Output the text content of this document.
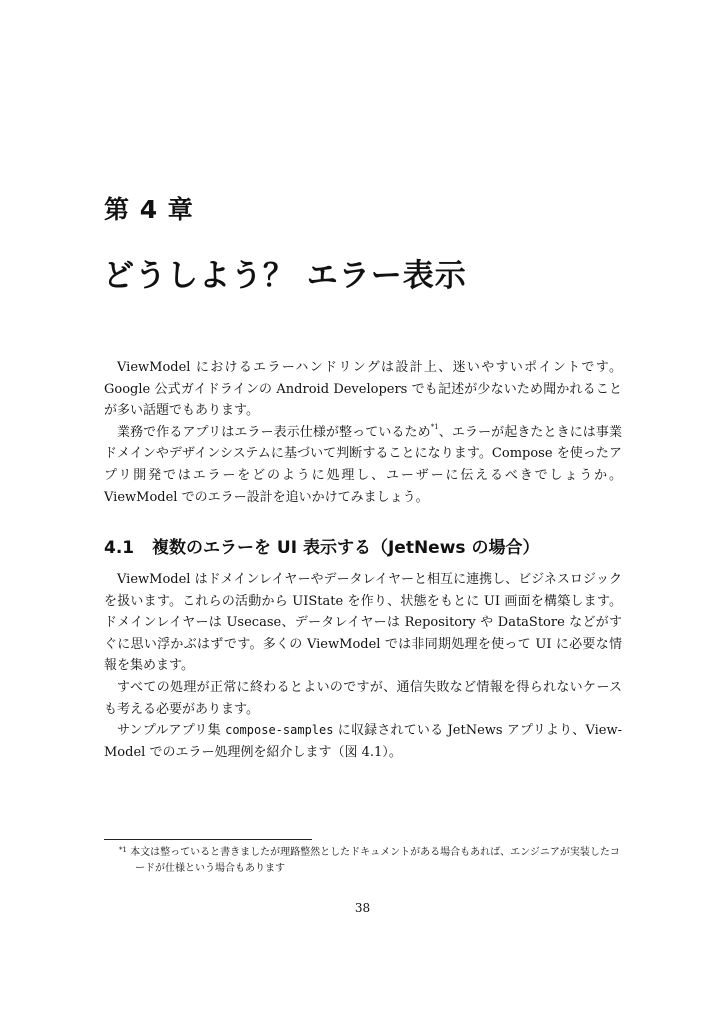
第 4 章
どうしよう？ エラー表示

ViewModel におけるエラーハンドリングは設計上、迷いやすいポイントです。Google 公式ガイドラインの Android Developers でも記述が少ないため聞かれることが多い話題でもあります。

業務で作るアプリはエラー表示仕様が整っているため$^{*1}$、エラーが起きたときには事業ドメインやデザインシステムに基づいて判断することになります。Compose を使ったアプリ開発ではエラーをどのように処理し、ユーザーに伝えるべきでしょうか。ViewModel でのエラー設計を追いかけてみましょう。

4.1 複数のエラーを UI 表示する（JetNews の場合）

ViewModel はドメインレイヤーやデータレイヤーと相互に連携し、ビジネスロジックを扱います。これらの活動から UIState を作り、状態をもとに UI 画面を構築します。ドメインレイヤーは Usecase、データレイヤーは Repository や DataStore などがすぐに思い浮かぶはずです。多くの ViewModel では非同期処理を使って UI に必要な情報を集めます。

すべての処理が正常に終わるとよいのですが、通信失敗など情報を得られないケースも考える必要があります。

サンプルアプリ集 compose-samples に収録されている JetNews アプリより、View-Model でのエラー処理例を紹介します（図 4.1）。

$^{*1}$ 本文は整っていると書きましたが理路整然としたドキュメントがある場合もあれば、エンジニアが実装したコードが仕様という場合もあります
38
